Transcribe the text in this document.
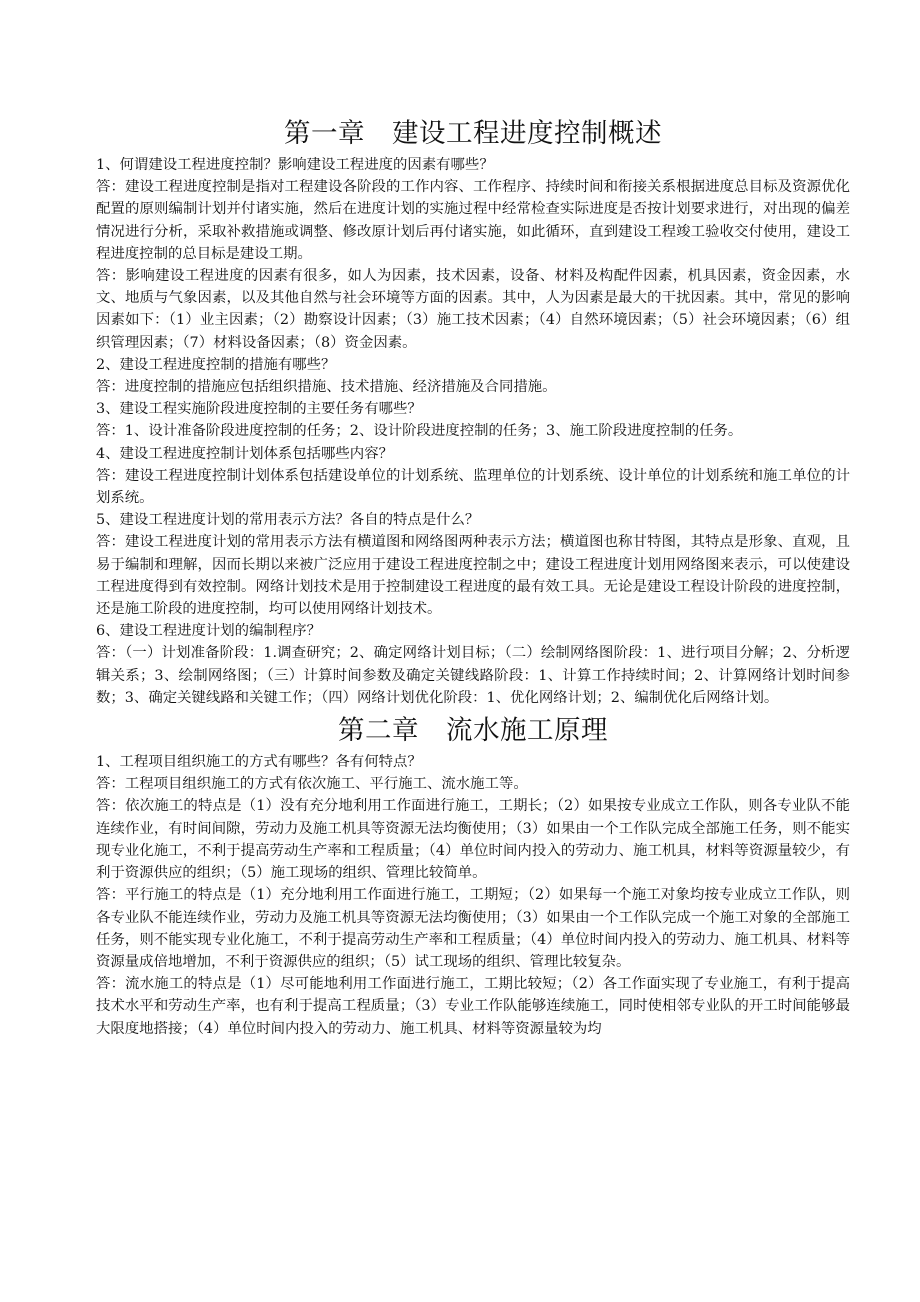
第一章　建设工程进度控制概述

1、何谓建设工程进度控制？影响建设工程进度的因素有哪些？

答：建设工程进度控制是指对工程建设各阶段的工作内容、工作程序、持续时间和衔接关系根据进度总目标及资源优化配置的原则编制计划并付诸实施，然后在进度计划的实施过程中经常检查实际进度是否按计划要求进行，对出现的偏差情况进行分析，采取补救措施或调整、修改原计划后再付诸实施，如此循环，直到建设工程竣工验收交付使用，建设工程进度控制的总目标是建设工期。

答：影响建设工程进度的因素有很多，如人为因素，技术因素，设备、材料及构配件因素，机具因素，资金因素，水文、地质与气象因素，以及其他自然与社会环境等方面的因素。其中，人为因素是最大的干扰因素。其中，常见的影响因素如下：（1）业主因素；（2）勘察设计因素；（3）施工技术因素；（4）自然环境因素；（5）社会环境因素；（6）组织管理因素；（7）材料设备因素；（8）资金因素。

2、建设工程进度控制的措施有哪些？

答：进度控制的措施应包括组织措施、技术措施、经济措施及合同措施。

3、建设工程实施阶段进度控制的主要任务有哪些？

答：1、设计准备阶段进度控制的任务；2、设计阶段进度控制的任务；3、施工阶段进度控制的任务。

4、建设工程进度控制计划体系包括哪些内容？

答：建设工程进度控制计划体系包括建设单位的计划系统、监理单位的计划系统、设计单位的计划系统和施工单位的计划系统。

5、建设工程进度计划的常用表示方法？各自的特点是什么？

答：建设工程进度计划的常用表示方法有横道图和网络图两种表示方法；横道图也称甘特图，其特点是形象、直观，且易于编制和理解，因而长期以来被广泛应用于建设工程进度控制之中；建设工程进度计划用网络图来表示，可以使建设工程进度得到有效控制。网络计划技术是用于控制建设工程进度的最有效工具。无论是建设工程设计阶段的进度控制，还是施工阶段的进度控制，均可以使用网络计划技术。

6、建设工程进度计划的编制程序？

答：（一）计划准备阶段：1.调查研究；2、确定网络计划目标；（二）绘制网络图阶段：1、进行项目分解；2、分析逻辑关系；3、绘制网络图；（三）计算时间参数及确定关键线路阶段：1、计算工作持续时间；2、计算网络计划时间参数；3、确定关键线路和关键工作；（四）网络计划优化阶段：1、优化网络计划；2、编制优化后网络计划。

第二章　流水施工原理

1、工程项目组织施工的方式有哪些？各有何特点？

答：工程项目组织施工的方式有依次施工、平行施工、流水施工等。

答：依次施工的特点是（1）没有充分地利用工作面进行施工，工期长；（2）如果按专业成立工作队，则各专业队不能连续作业，有时间间隙，劳动力及施工机具等资源无法均衡使用；（3）如果由一个工作队完成全部施工任务，则不能实现专业化施工，不利于提高劳动生产率和工程质量；（4）单位时间内投入的劳动力、施工机具，材料等资源量较少，有利于资源供应的组织；（5）施工现场的组织、管理比较简单。

答：平行施工的特点是（1）充分地利用工作面进行施工，工期短；（2）如果每一个施工对象均按专业成立工作队，则各专业队不能连续作业，劳动力及施工机具等资源无法均衡使用；（3）如果由一个工作队完成一个施工对象的全部施工任务，则不能实现专业化施工，不利于提高劳动生产率和工程质量；（4）单位时间内投入的劳动力、施工机具、材料等资源量成倍地增加，不利于资源供应的组织；（5）试工现场的组织、管理比较复杂。

答：流水施工的特点是（1）尽可能地利用工作面进行施工，工期比较短；（2）各工作面实现了专业施工，有利于提高技术水平和劳动生产率，也有利于提高工程质量；（3）专业工作队能够连续施工，同时使相邻专业队的开工时间能够最大限度地搭接；（4）单位时间内投入的劳动力、施工机具、材料等资源量较为均
